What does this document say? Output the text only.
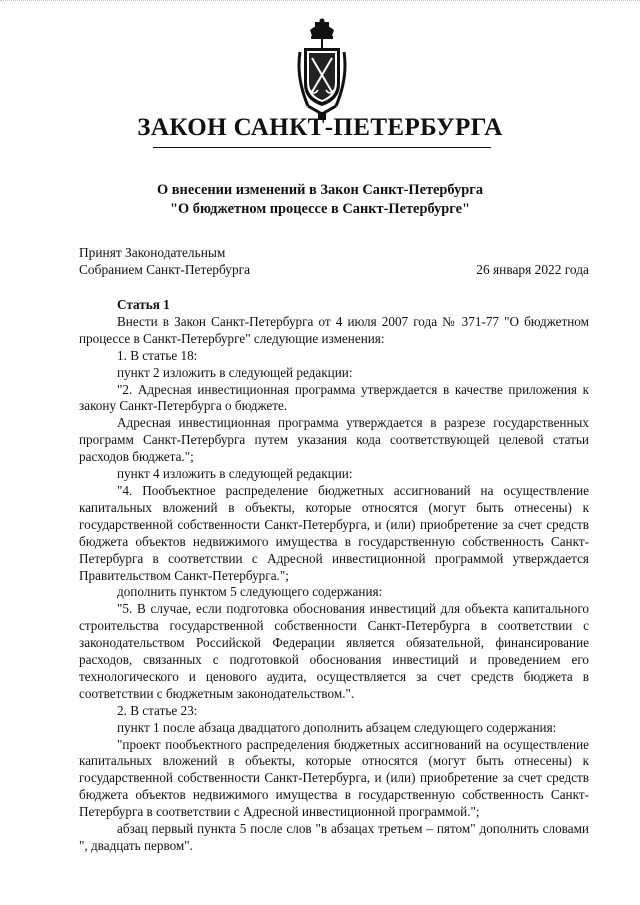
ЗАКОН САНКТ-ПЕТЕРБУРГА
О внесении изменений в Закон Санкт-Петербурга
"О бюджетном процессе в Санкт-Петербурге"
Принят Законодательным
Собранием Санкт-Петербурга	26 января 2022 года

Статья 1

Внести в Закон Санкт-Петербурга от 4 июля 2007 года № 371-77 "О бюджетном процессе в Санкт-Петербурге" следующие изменения:

1. В статье 18:

пункт 2 изложить в следующей редакции:

"2. Адресная инвестиционная программа утверждается в качестве приложения к закону Санкт-Петербурга о бюджете.

Адресная инвестиционная программа утверждается в разрезе государственных программ Санкт-Петербурга путем указания кода соответствующей целевой статьи расходов бюджета.";

пункт 4 изложить в следующей редакции:

"4. Пообъектное распределение бюджетных ассигнований на осуществление капитальных вложений в объекты, которые относятся (могут быть отнесены) к государственной собственности Санкт-Петербурга, и (или) приобретение за счет средств бюджета объектов недвижимого имущества в государственную собственность Санкт-Петербурга в соответствии с Адресной инвестиционной программой утверждается Правительством Санкт-Петербурга.";

дополнить пунктом 5 следующего содержания:

"5. В случае, если подготовка обоснования инвестиций для объекта капитального строительства государственной собственности Санкт-Петербурга в соответствии с законодательством Российской Федерации является обязательной, финансирование расходов, связанных с подготовкой обоснования инвестиций и проведением его технологического и ценового аудита, осуществляется за счет средств бюджета в соответствии с бюджетным законодательством.".

2. В статье 23:

пункт 1 после абзаца двадцатого дополнить абзацем следующего содержания:

"проект пообъектного распределения бюджетных ассигнований на осуществление капитальных вложений в объекты, которые относятся (могут быть отнесены) к государственной собственности Санкт-Петербурга, и (или) приобретение за счет средств бюджета объектов недвижимого имущества в государственную собственность Санкт-Петербурга в соответствии с Адресной инвестиционной программой.";

абзац первый пункта 5 после слов "в абзацах третьем – пятом" дополнить словами ", двадцать первом".
